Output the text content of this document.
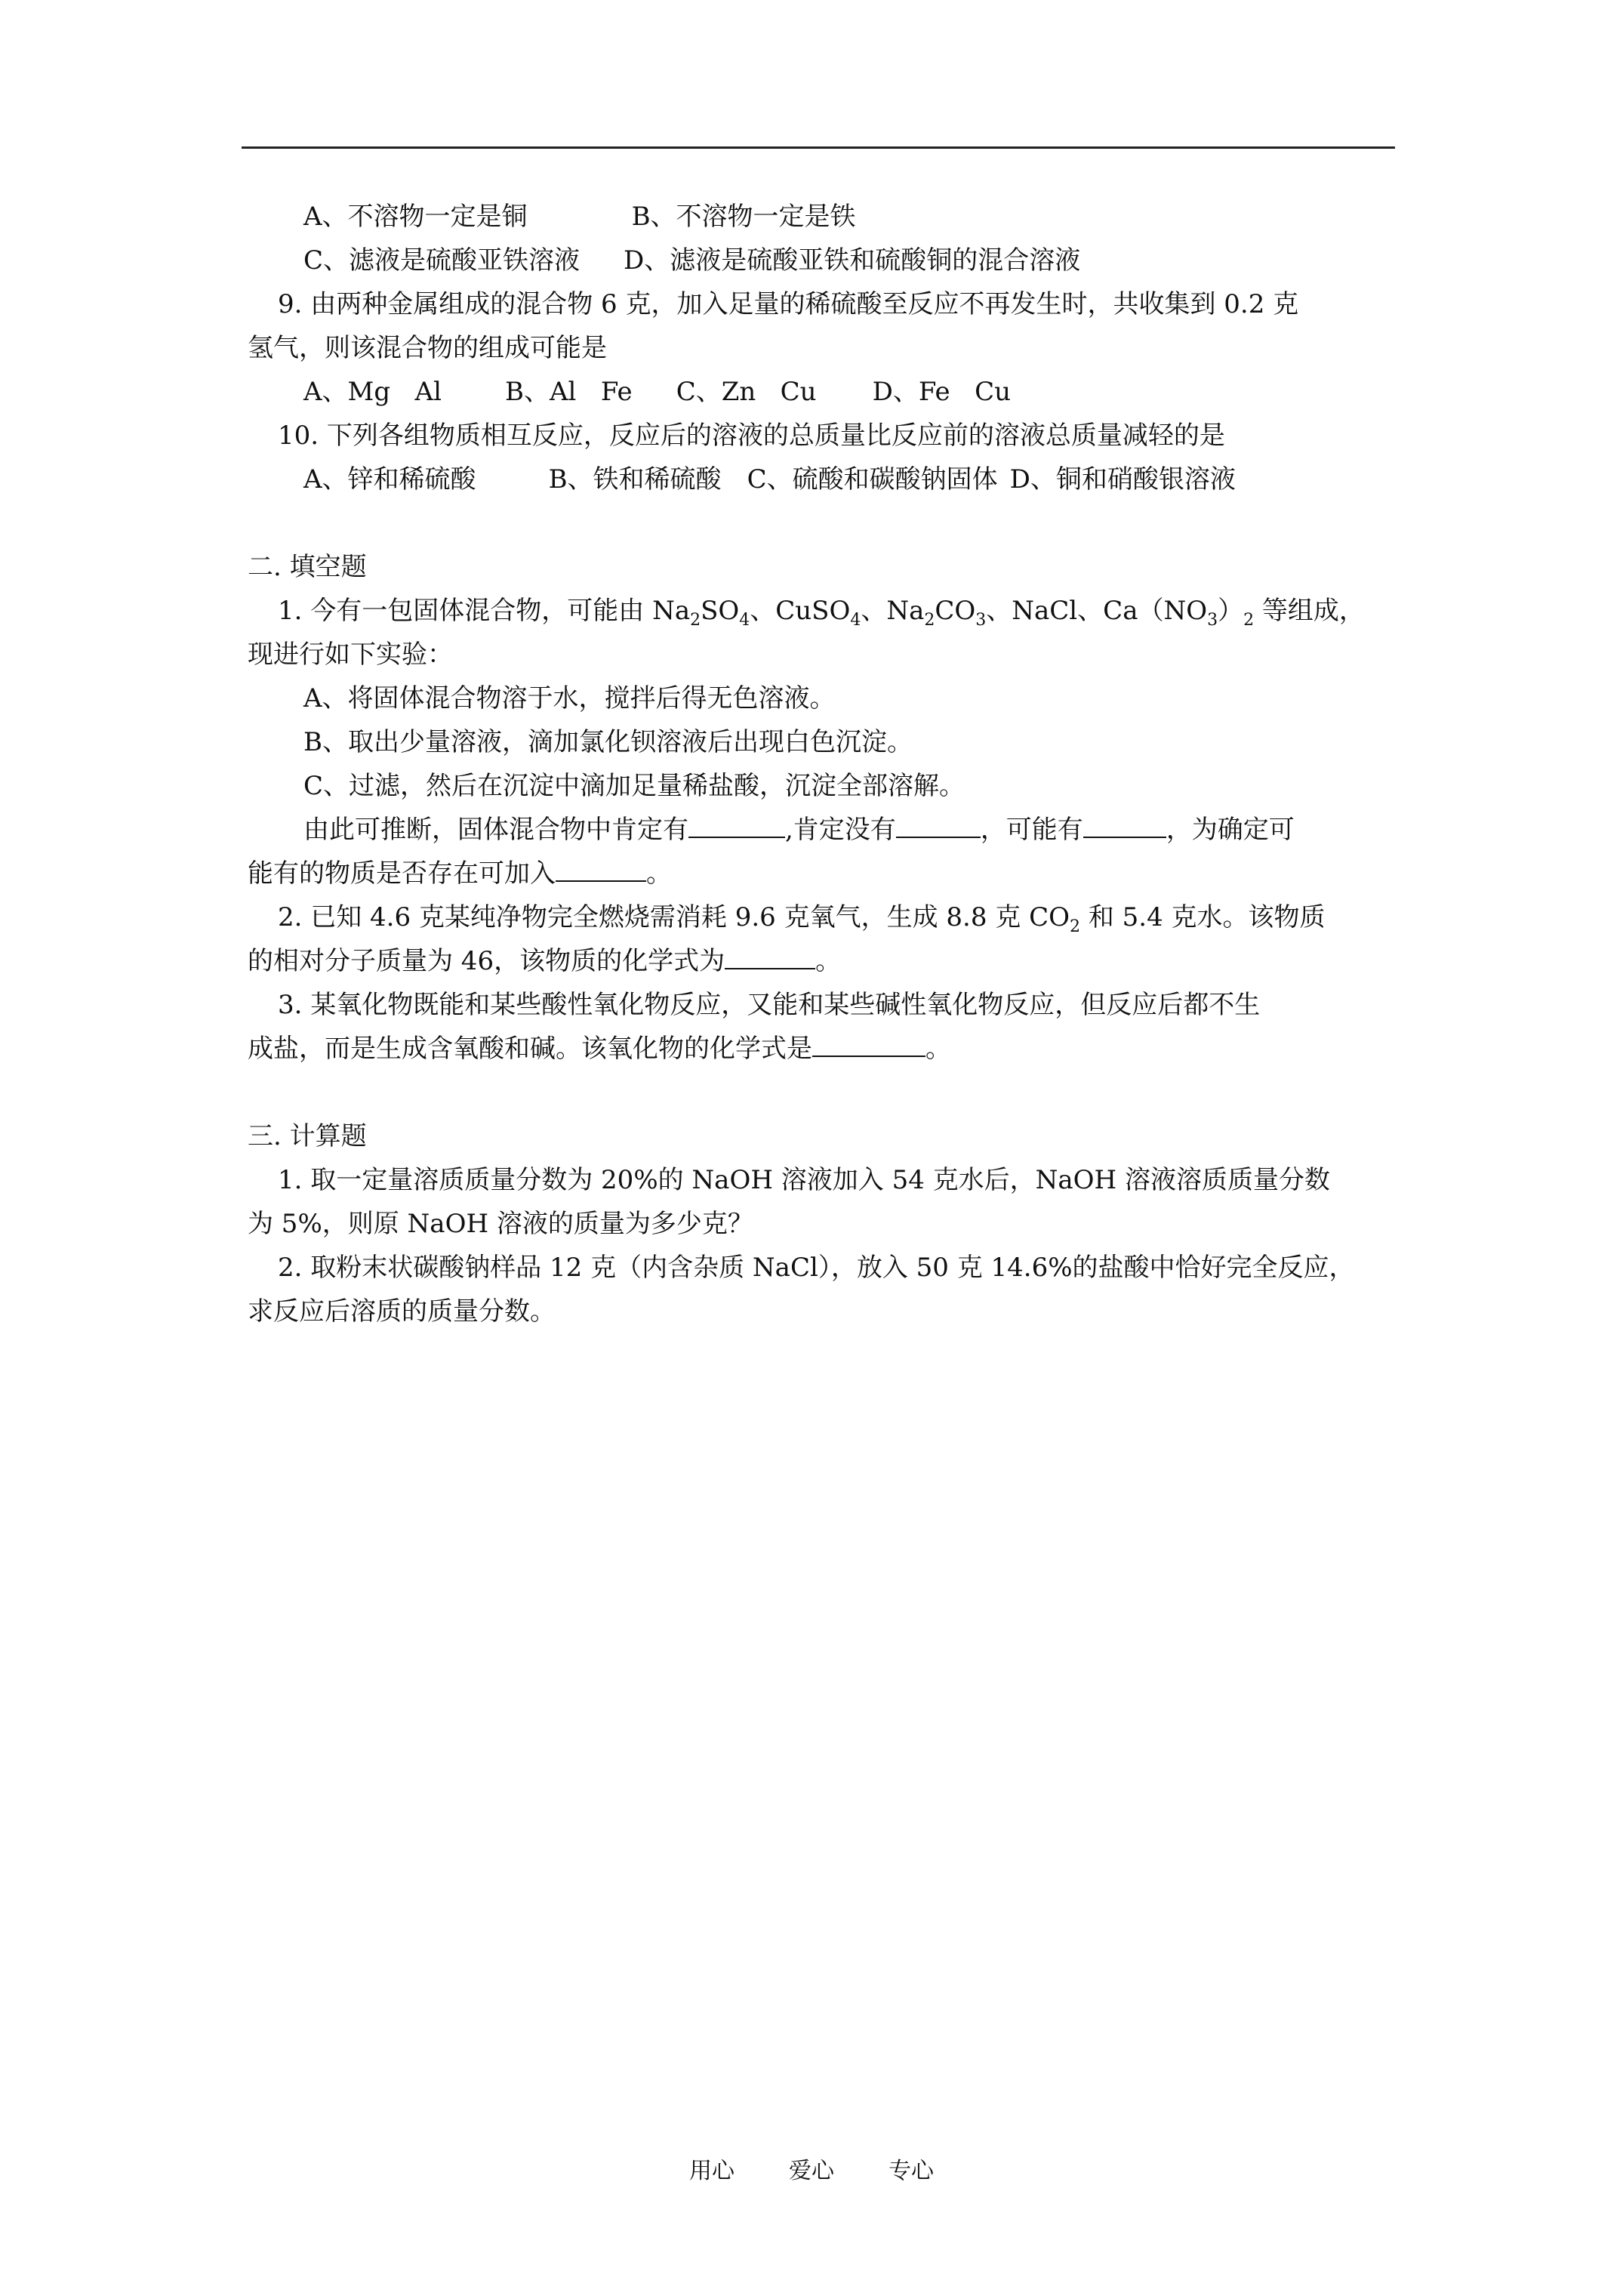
A、不溶物一定是铜	B、不溶物一定是铁
C、滤液是硫酸亚铁溶液 D、滤液是硫酸亚铁和硫酸铜的混合溶液
9. 由两种金属组成的混合物 6 克，加入足量的稀硫酸至反应不再发生时，共收集到 0.2 克
氢气，则该混合物的组成可能是
A、Mg   Al B、Al   Fe C、Zn   Cu D、Fe   Cu
10. 下列各组物质相互反应，反应后的溶液的总质量比反应前的溶液总质量减轻的是
A、锌和稀硫酸	B、铁和稀硫酸 C、硫酸和碳酸钠固体 D、铜和硝酸银溶液
二. 填空题
1. 今有一包固体混合物，可能由 $Na_2SO_4$、CuSO$_4$、$Na_2CO_3$、NaCl、$Ca(NO_3)_2$ 等组成，
现进行如下实验：
A、将固体混合物溶于水，搅拌后得无色溶液。
B、取出少量溶液，滴加氯化钡溶液后出现白色沉淀。
C、过滤，然后在沉淀中滴加足量稀盐酸，沉淀全部溶解。
由此可推断，固体混合物中肯定有	,肯定没有	，可能有	，为确定可
能有的物质是否存在可加入	。
2. 已知 4.6 克某纯净物完全燃烧需消耗 9.6 克氧气，生成 8.8 克 $CO_2$ 和 5.4 克水。该物质
的相对分子质量为 46，该物质的化学式为	。
3. 某氧化物既能和某些酸性氧化物反应，又能和某些碱性氧化物反应，但反应后都不生
成盐，而是生成含氧酸和碱。该氧化物的化学式是	。
三. 计算题
1. 取一定量溶质质量分数为 20%的 NaOH 溶液加入 54 克水后，NaOH 溶液溶质质量分数
为 5%，则原 NaOH 溶液的质量为多少克？
2. 取粉末状碳酸钠样品 12 克（内含杂质 NaCl），放入 50 克 14.6%的盐酸中恰好完全反应，
求反应后溶质的质量分数。
用心 爱心 专心
